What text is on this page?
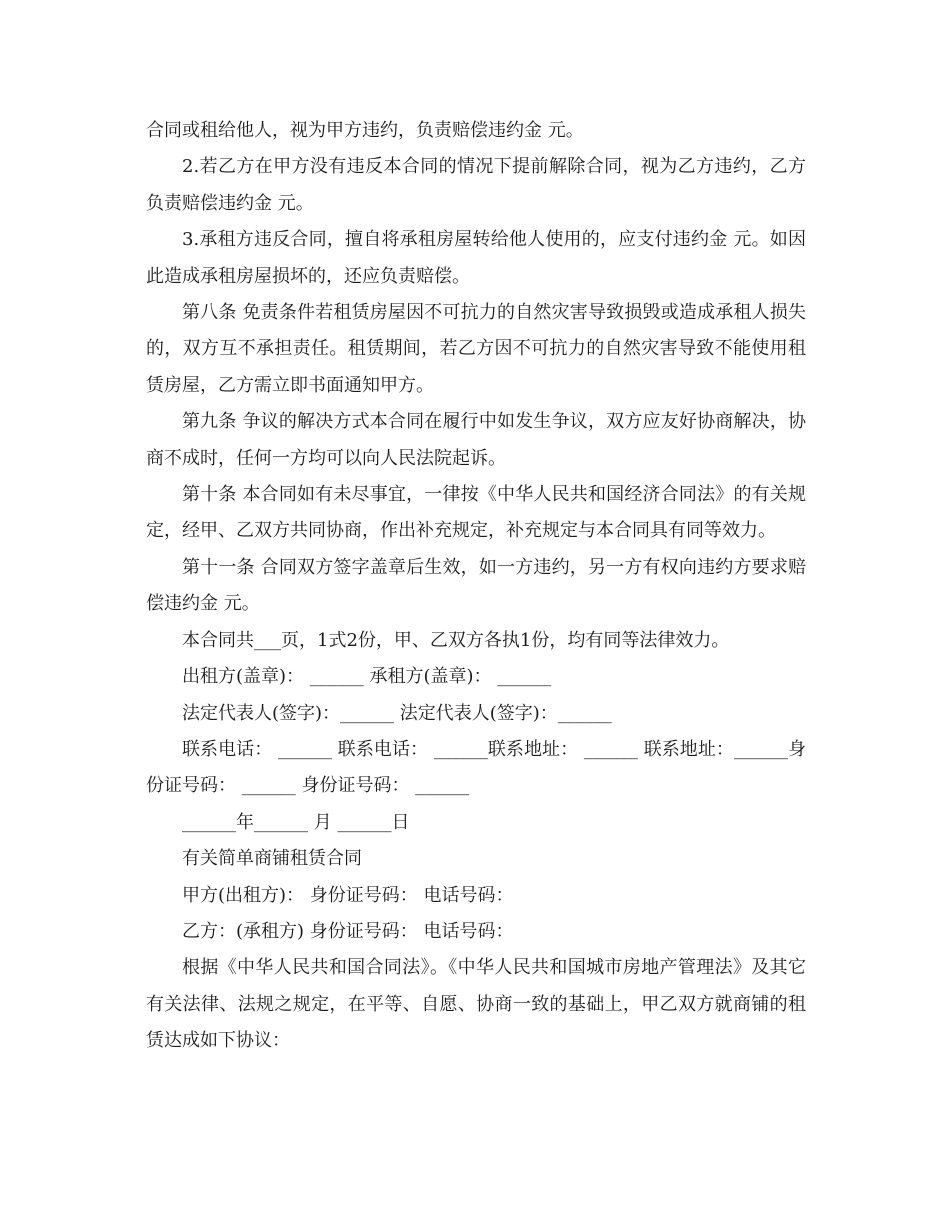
合同或租给他人，视为甲方违约，负责赔偿违约金 元。

2.若乙方在甲方没有违反本合同的情况下提前解除合同，视为乙方违约，乙方负责赔偿违约金 元。

3.承租方违反合同，擅自将承租房屋转给他人使用的，应支付违约金 元。如因此造成承租房屋损坏的，还应负责赔偿。

第八条 免责条件若租赁房屋因不可抗力的自然灾害导致损毁或造成承租人损失的，双方互不承担责任。租赁期间，若乙方因不可抗力的自然灾害导致不能使用租赁房屋，乙方需立即书面通知甲方。

第九条 争议的解决方式本合同在履行中如发生争议，双方应友好协商解决，协商不成时，任何一方均可以向人民法院起诉。

第十条 本合同如有未尽事宜，一律按《中华人民共和国经济合同法》的有关规定，经甲、乙双方共同协商，作出补充规定，补充规定与本合同具有同等效力。

第十一条 合同双方签字盖章后生效，如一方违约，另一方有权向违约方要求赔偿违约金 元。

本合同共___页，1式2份，甲、乙双方各执1份，均有同等法律效力。

出租方(盖章)： ______ 承租方(盖章)： ______

法定代表人(签字)：______ 法定代表人(签字)：______

联系电话： ______ 联系电话： ______联系地址： ______ 联系地址：______身份证号码： ______ 身份证号码： ______

______年______ 月 ______日

有关简单商铺租赁合同

甲方(出租方)： 身份证号码： 电话号码：

乙方：(承租方) 身份证号码： 电话号码：

根据《中华人民共和国合同法》。《中华人民共和国城市房地产管理法》及其它有关法律、法规之规定，在平等、自愿、协商一致的基础上，甲乙双方就商铺的租赁达成如下协议：
